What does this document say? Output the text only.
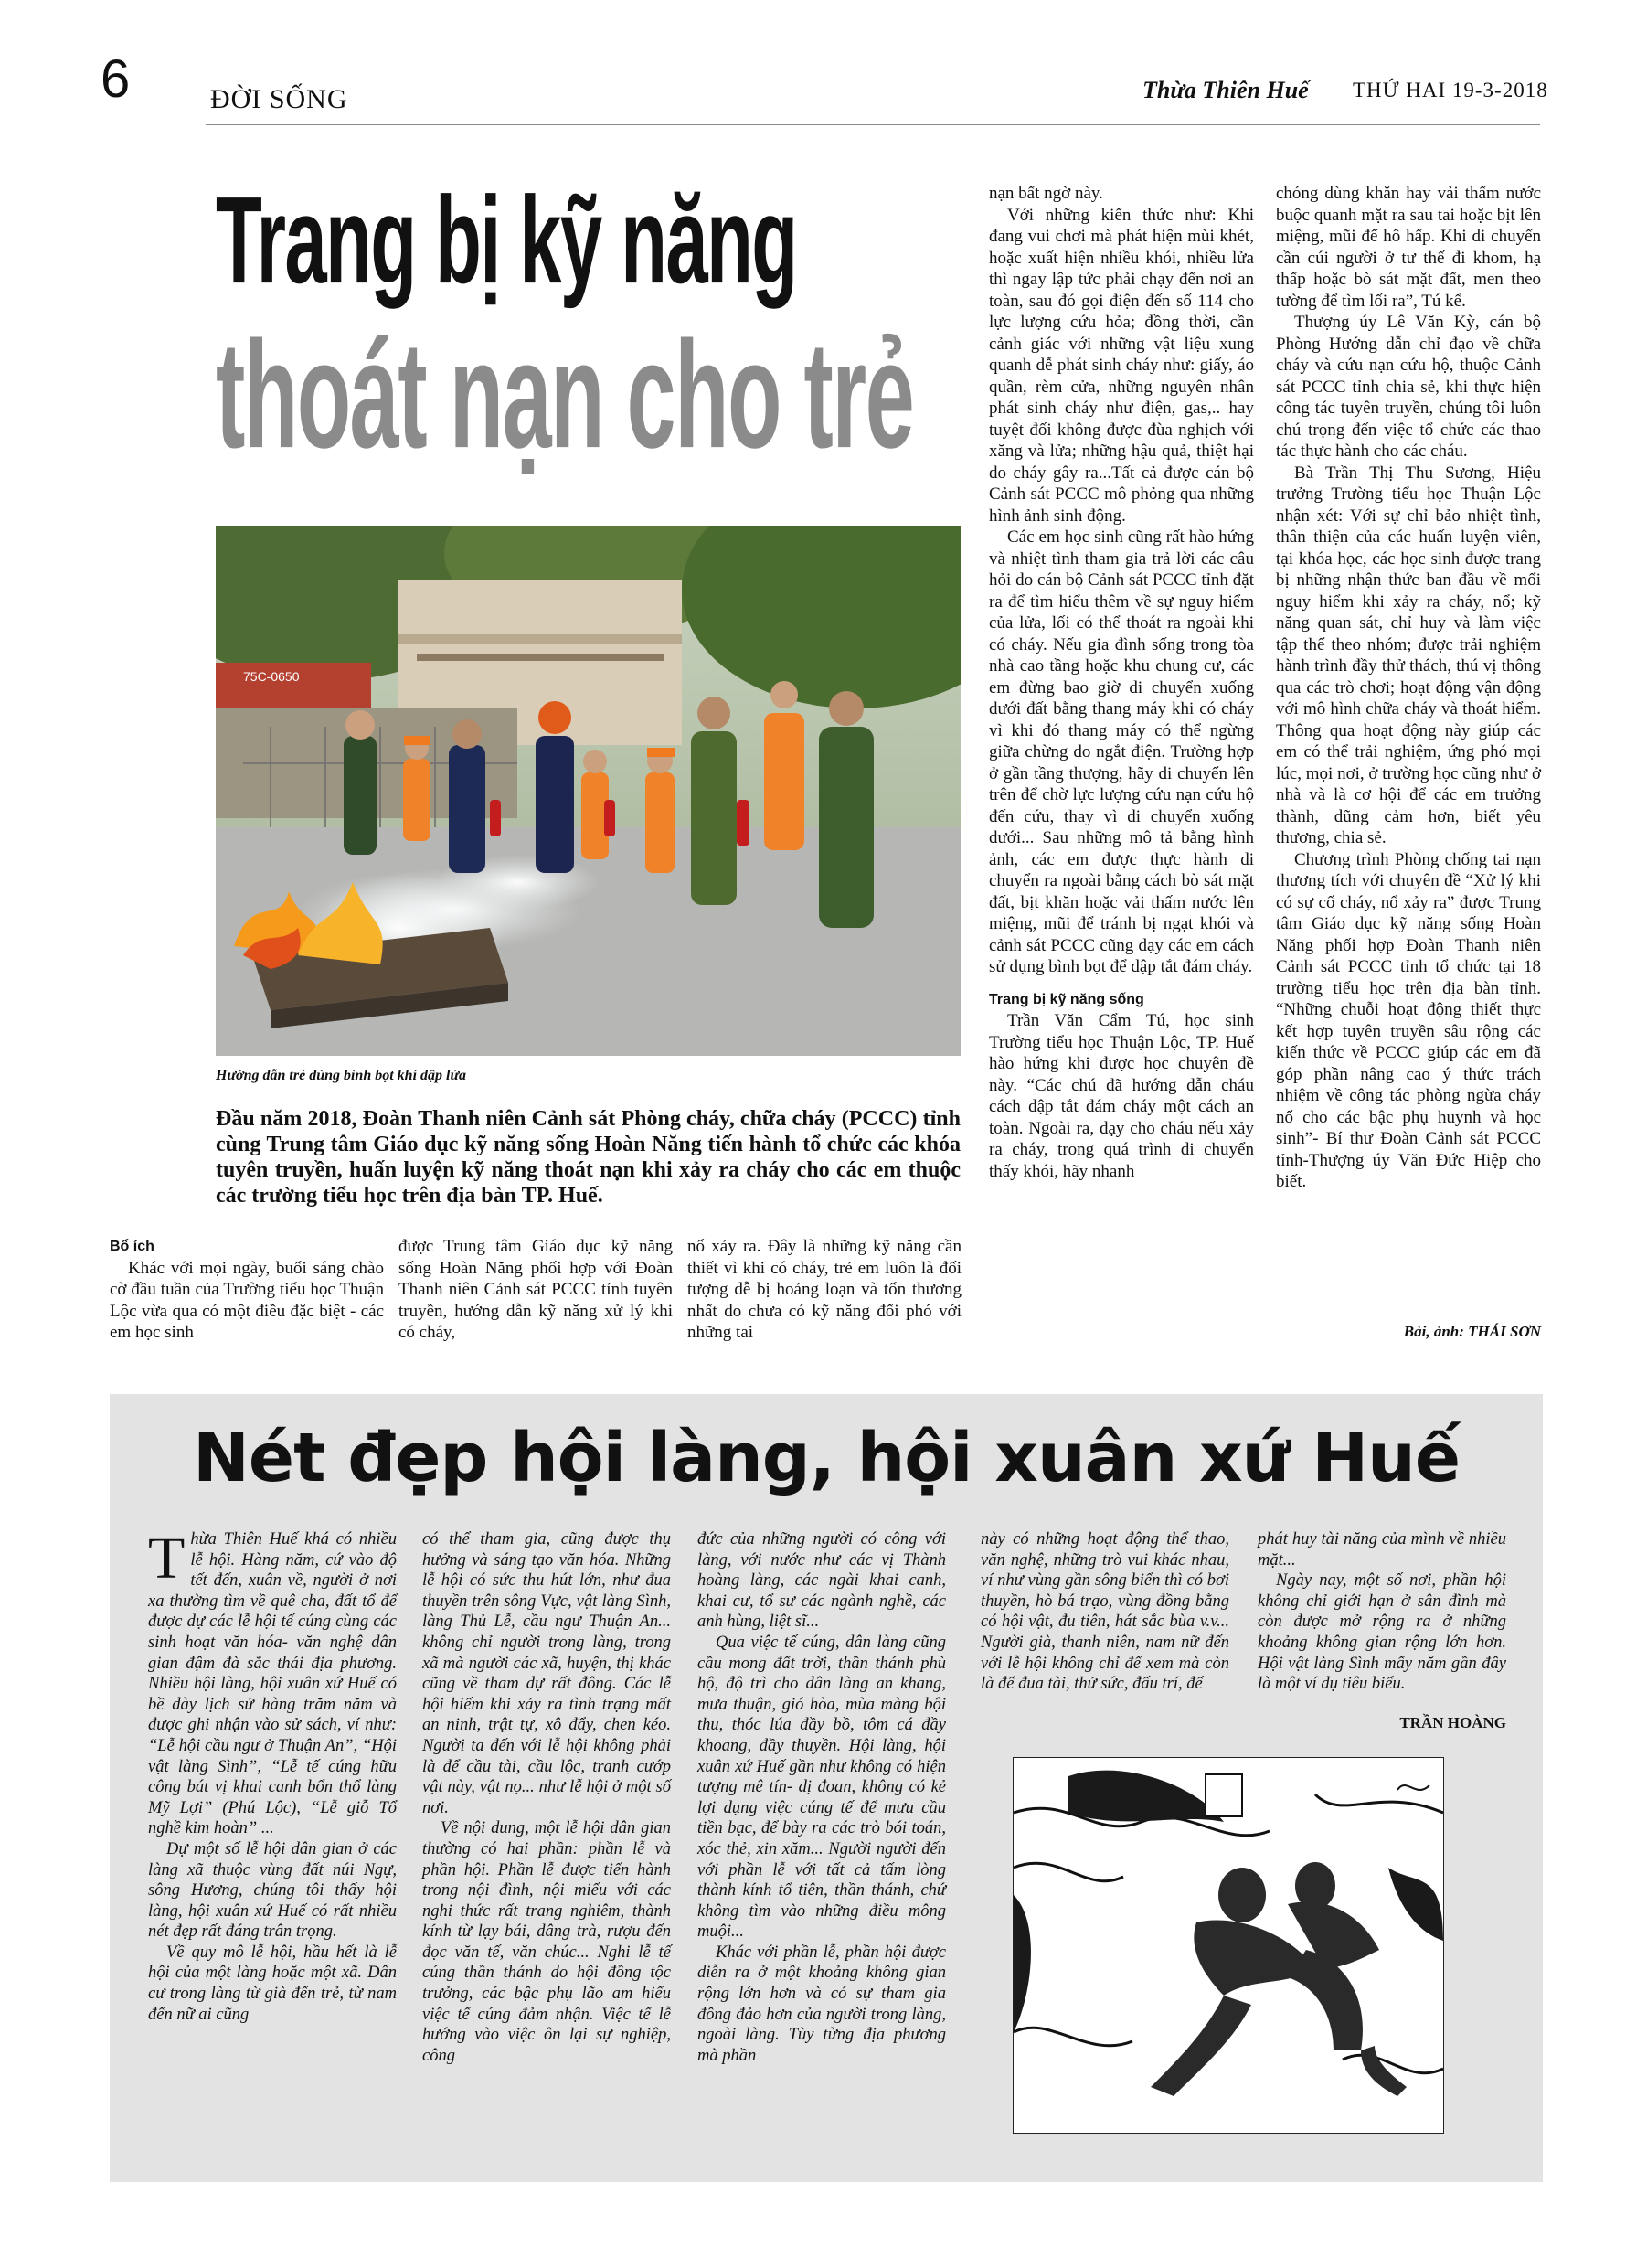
6	ĐỜI SỐNG	Thừa Thiên Huế THỨ HAI 19-3-2018
Trang bị kỹ năng
thoát nạn cho trẻ
75C-0650
Hướng dẫn trẻ dùng bình bọt khí dập lửa
Đầu năm 2018, Đoàn Thanh niên Cảnh sát Phòng cháy, chữa cháy (PCCC) tỉnh cùng Trung tâm Giáo dục kỹ năng sống Hoàn Năng tiến hành tổ chức các khóa tuyên truyền, huấn luyện kỹ năng thoát nạn khi xảy ra cháy cho các em thuộc các trường tiểu học trên địa bàn TP. Huế.

Bổ ích

Khác với mọi ngày, buổi sáng chào cờ đầu tuần của Trường tiểu học Thuận Lộc vừa qua có một điều đặc biệt - các em học sinh

được Trung tâm Giáo dục kỹ năng sống Hoàn Năng phối hợp với Đoàn Thanh niên Cảnh sát PCCC tỉnh tuyên truyền, hướng dẫn kỹ năng xử lý khi có cháy,

nổ xảy ra. Đây là những kỹ năng cần thiết vì khi có cháy, trẻ em luôn là đối tượng dễ bị hoảng loạn và tổn thương nhất do chưa có kỹ năng đối phó với những tai

nạn bất ngờ này.

Với những kiến thức như: Khi đang vui chơi mà phát hiện mùi khét, hoặc xuất hiện nhiều khói, nhiều lửa thì ngay lập tức phải chạy đến nơi an toàn, sau đó gọi điện đến số 114 cho lực lượng cứu hỏa; đồng thời, cần cảnh giác với những vật liệu xung quanh dễ phát sinh cháy như: giấy, áo quần, rèm cửa, những nguyên nhân phát sinh cháy như điện, gas,.. hay tuyệt đối không được đùa nghịch với xăng và lửa; những hậu quả, thiệt hại do cháy gây ra...Tất cả được cán bộ Cảnh sát PCCC mô phỏng qua những hình ảnh sinh động.

Các em học sinh cũng rất hào hứng và nhiệt tình tham gia trả lời các câu hỏi do cán bộ Cảnh sát PCCC tỉnh đặt ra để tìm hiểu thêm về sự nguy hiểm của lửa, lối có thể thoát ra ngoài khi có cháy. Nếu gia đình sống trong tòa nhà cao tầng hoặc khu chung cư, các em đừng bao giờ di chuyển xuống dưới đất bằng thang máy khi có cháy vì khi đó thang máy có thể ngừng giữa chừng do ngắt điện. Trường hợp ở gần tầng thượng, hãy di chuyển lên trên để chờ lực lượng cứu nạn cứu hộ đến cứu, thay vì di chuyển xuống dưới... Sau những mô tả bằng hình ảnh, các em được thực hành di chuyển ra ngoài bằng cách bò sát mặt đất, bịt khăn hoặc vải thấm nước lên miệng, mũi để tránh bị ngạt khói và cảnh sát PCCC cũng dạy các em cách sử dụng bình bọt để dập tắt đám cháy.

Trang bị kỹ năng sống

Trần Văn Cẩm Tú, học sinh Trường tiểu học Thuận Lộc, TP. Huế hào hứng khi được học chuyên đề này. “Các chú đã hướng dẫn cháu cách dập tắt đám cháy một cách an toàn. Ngoài ra, dạy cho cháu nếu xảy ra cháy, trong quá trình di chuyển thấy khói, hãy nhanh

chóng dùng khăn hay vải thấm nước buộc quanh mặt ra sau tai hoặc bịt lên miệng, mũi để hô hấp. Khi di chuyển cần cúi người ở tư thế đi khom, hạ thấp hoặc bò sát mặt đất, men theo tường để tìm lối ra”, Tú kể.

Thượng úy Lê Văn Kỳ, cán bộ Phòng Hướng dẫn chỉ đạo về chữa cháy và cứu nạn cứu hộ, thuộc Cảnh sát PCCC tỉnh chia sẻ, khi thực hiện công tác tuyên truyền, chúng tôi luôn chú trọng đến việc tổ chức các thao tác thực hành cho các cháu.

Bà Trần Thị Thu Sương, Hiệu trưởng Trường tiểu học Thuận Lộc nhận xét: Với sự chỉ bảo nhiệt tình, thân thiện của các huấn luyện viên, tại khóa học, các học sinh được trang bị những nhận thức ban đầu về mối nguy hiểm khi xảy ra cháy, nổ; kỹ năng quan sát, chỉ huy và làm việc tập thể theo nhóm; được trải nghiệm hành trình đầy thử thách, thú vị thông qua các trò chơi; hoạt động vận động với mô hình chữa cháy và thoát hiểm. Thông qua hoạt động này giúp các em có thể trải nghiệm, ứng phó mọi lúc, mọi nơi, ở trường học cũng như ở nhà và là cơ hội để các em trưởng thành, dũng cảm hơn, biết yêu thương, chia sẻ.

Chương trình Phòng chống tai nạn thương tích với chuyên đề “Xử lý khi có sự cố cháy, nổ xảy ra” được Trung tâm Giáo dục kỹ năng sống Hoàn Năng phối hợp Đoàn Thanh niên Cảnh sát PCCC tỉnh tổ chức tại 18 trường tiểu học trên địa bàn tỉnh. “Những chuỗi hoạt động thiết thực kết hợp tuyên truyền sâu rộng các kiến thức về PCCC giúp các em đã góp phần nâng cao ý thức trách nhiệm về công tác phòng ngừa cháy nổ cho các bậc phụ huynh và học sinh”- Bí thư Đoàn Cảnh sát PCCC tỉnh-Thượng úy Văn Đức Hiệp cho biết.

Bài, ảnh: THÁI SƠN
Nét đẹp hội làng, hội xuân xứ Huế

Thừa Thiên Huế khá có nhiều lễ hội. Hàng năm, cứ vào độ tết đến, xuân về, người ở nơi xa thường tìm về quê cha, đất tổ để được dự các lễ hội tế cúng cùng các sinh hoạt văn hóa- văn nghệ dân gian đậm đà sắc thái địa phương. Nhiều hội làng, hội xuân xứ Huế có bề dày lịch sử hàng trăm năm và được ghi nhận vào sử sách, ví như: “Lễ hội cầu ngư ở Thuận An”, “Hội vật làng Sình”, “Lễ tế cúng hữu công bát vị khai canh bổn thổ làng Mỹ Lợi” (Phú Lộc), “Lễ giỗ Tổ nghề kim hoàn” ...

Dự một số lễ hội dân gian ở các làng xã thuộc vùng đất núi Ngự, sông Hương, chúng tôi thấy hội làng, hội xuân xứ Huế có rất nhiều nét đẹp rất đáng trân trọng.

Về quy mô lễ hội, hầu hết là lễ hội của một làng hoặc một xã. Dân cư trong làng từ già đến trẻ, từ nam đến nữ ai cũng

có thể tham gia, cũng được thụ hưởng và sáng tạo văn hóa. Những lễ hội có sức thu hút lớn, như đua thuyền trên sông Vực, vật làng Sình, làng Thủ Lễ, cầu ngư Thuận An... không chỉ người trong làng, trong xã mà người các xã, huyện, thị khác cũng về tham dự rất đông. Các lễ hội hiếm khi xảy ra tình trạng mất an ninh, trật tự, xô đẩy, chen kéo. Người ta đến với lễ hội không phải là để cầu tài, cầu lộc, tranh cướp vật này, vật nọ... như lễ hội ở một số nơi.

Về nội dung, một lễ hội dân gian thường có hai phần: phần lễ và phần hội. Phần lễ được tiến hành trong nội đình, nội miếu với các nghi thức rất trang nghiêm, thành kính từ lạy bái, dâng trà, rượu đến đọc văn tế, văn chúc... Nghi lễ tế cúng thần thánh do hội đồng tộc trưởng, các bậc phụ lão am hiểu việc tế cúng đảm nhận. Việc tế lễ hướng vào việc ôn lại sự nghiệp, công

đức của những người có công với làng, với nước như các vị Thành hoàng làng, các ngài khai canh, khai cư, tổ sư các ngành nghề, các anh hùng, liệt sĩ...

Qua việc tế cúng, dân làng cũng cầu mong đất trời, thần thánh phù hộ, độ trì cho dân làng an khang, mưa thuận, gió hòa, mùa màng bội thu, thóc lúa đầy bồ, tôm cá đầy khoang, đầy thuyền. Hội làng, hội xuân xứ Huế gần như không có hiện tượng mê tín- dị đoan, không có kẻ lợi dụng việc cúng tế để mưu cầu tiền bạc, để bày ra các trò bói toán, xóc thẻ, xin xăm... Người người đến với phần lễ với tất cả tấm lòng thành kính tổ tiên, thần thánh, chứ không tìm vào những điều mông muội...

Khác với phần lễ, phần hội được diễn ra ở một khoảng không gian rộng lớn hơn và có sự tham gia đông đảo hơn của người trong làng, ngoài làng. Tùy từng địa phương mà phần

này có những hoạt động thể thao, văn nghệ, những trò vui khác nhau, ví như vùng gần sông biển thì có bơi thuyền, hò bá trạo, vùng đồng bằng có hội vật, đu tiên, hát sắc bùa v.v... Người già, thanh niên, nam nữ đến với lễ hội không chỉ để xem mà còn là để đua tài, thử sức, đấu trí, để

phát huy tài năng của mình về nhiều mặt...

Ngày nay, một số nơi, phần hội không chỉ giới hạn ở sân đình mà còn được mở rộng ra ở những khoảng không gian rộng lớn hơn. Hội vật làng Sình mấy năm gần đây là một ví dụ tiêu biểu.

TRẦN HOÀNG
